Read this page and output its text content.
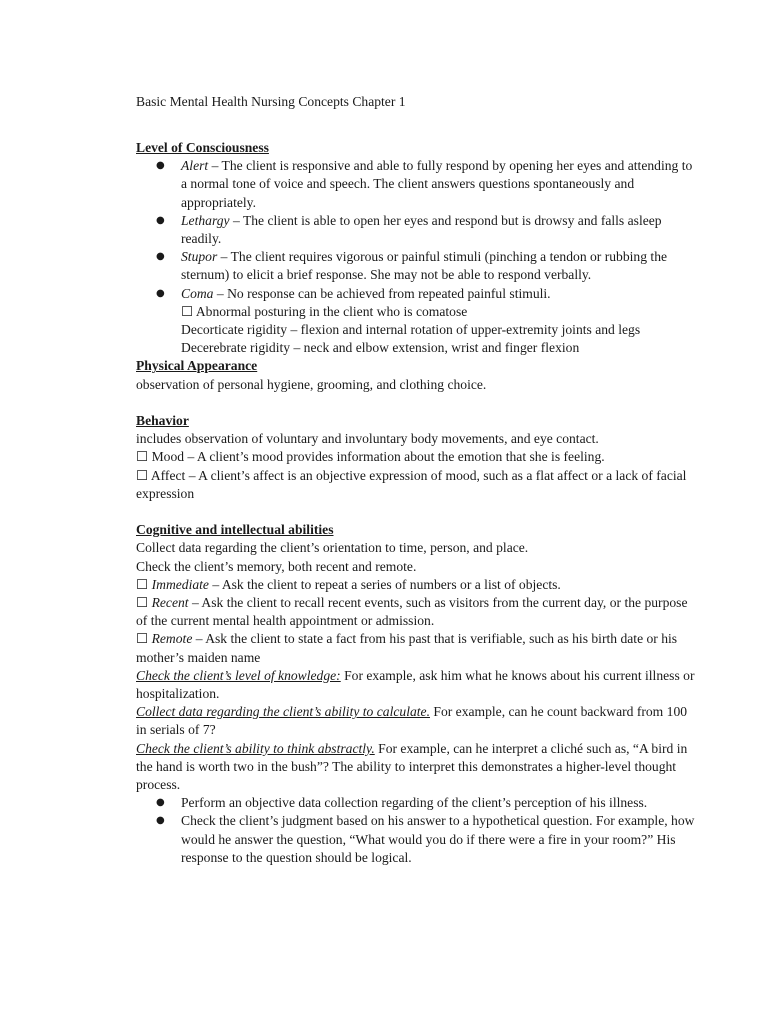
Basic Mental Health Nursing Concepts Chapter 1
Level of Consciousness
● Alert – The client is responsive and able to fully respond by opening her eyes and attending to a normal tone of voice and speech. The client answers questions spontaneously and appropriately.
● Lethargy – The client is able to open her eyes and respond but is drowsy and falls asleep readily.
● Stupor – The client requires vigorous or painful stimuli (pinching a tendon or rubbing the sternum) to elicit a brief response. She may not be able to respond verbally.
● Coma – No response can be achieved from repeated painful stimuli.
☐ Abnormal posturing in the client who is comatose
Decorticate rigidity – flexion and internal rotation of upper-extremity joints and legs
Decerebrate rigidity – neck and elbow extension, wrist and finger flexion
Physical Appearance
observation of personal hygiene, grooming, and clothing choice.
Behavior
includes observation of voluntary and involuntary body movements, and eye contact.
☐ Mood – A client’s mood provides information about the emotion that she is feeling.
☐ Affect – A client’s affect is an objective expression of mood, such as a flat affect or a lack of facial expression
Cognitive and intellectual abilities
Collect data regarding the client’s orientation to time, person, and place.
Check the client’s memory, both recent and remote.
☐ Immediate – Ask the client to repeat a series of numbers or a list of objects.
☐ Recent – Ask the client to recall recent events, such as visitors from the current day, or the purpose of the current mental health appointment or admission.
☐ Remote – Ask the client to state a fact from his past that is verifiable, such as his birth date or his mother’s maiden name
Check the client’s level of knowledge: For example, ask him what he knows about his current illness or hospitalization.
Collect data regarding the client’s ability to calculate. For example, can he count backward from 100 in serials of 7?
Check the client’s ability to think abstractly. For example, can he interpret a cliché such as, “A bird in the hand is worth two in the bush”? The ability to interpret this demonstrates a higher-level thought process.
● Perform an objective data collection regarding of the client’s perception of his illness.
● Check the client’s judgment based on his answer to a hypothetical question. For example, how would he answer the question, “What would you do if there were a fire in your room?” His response to the question should be logical.
